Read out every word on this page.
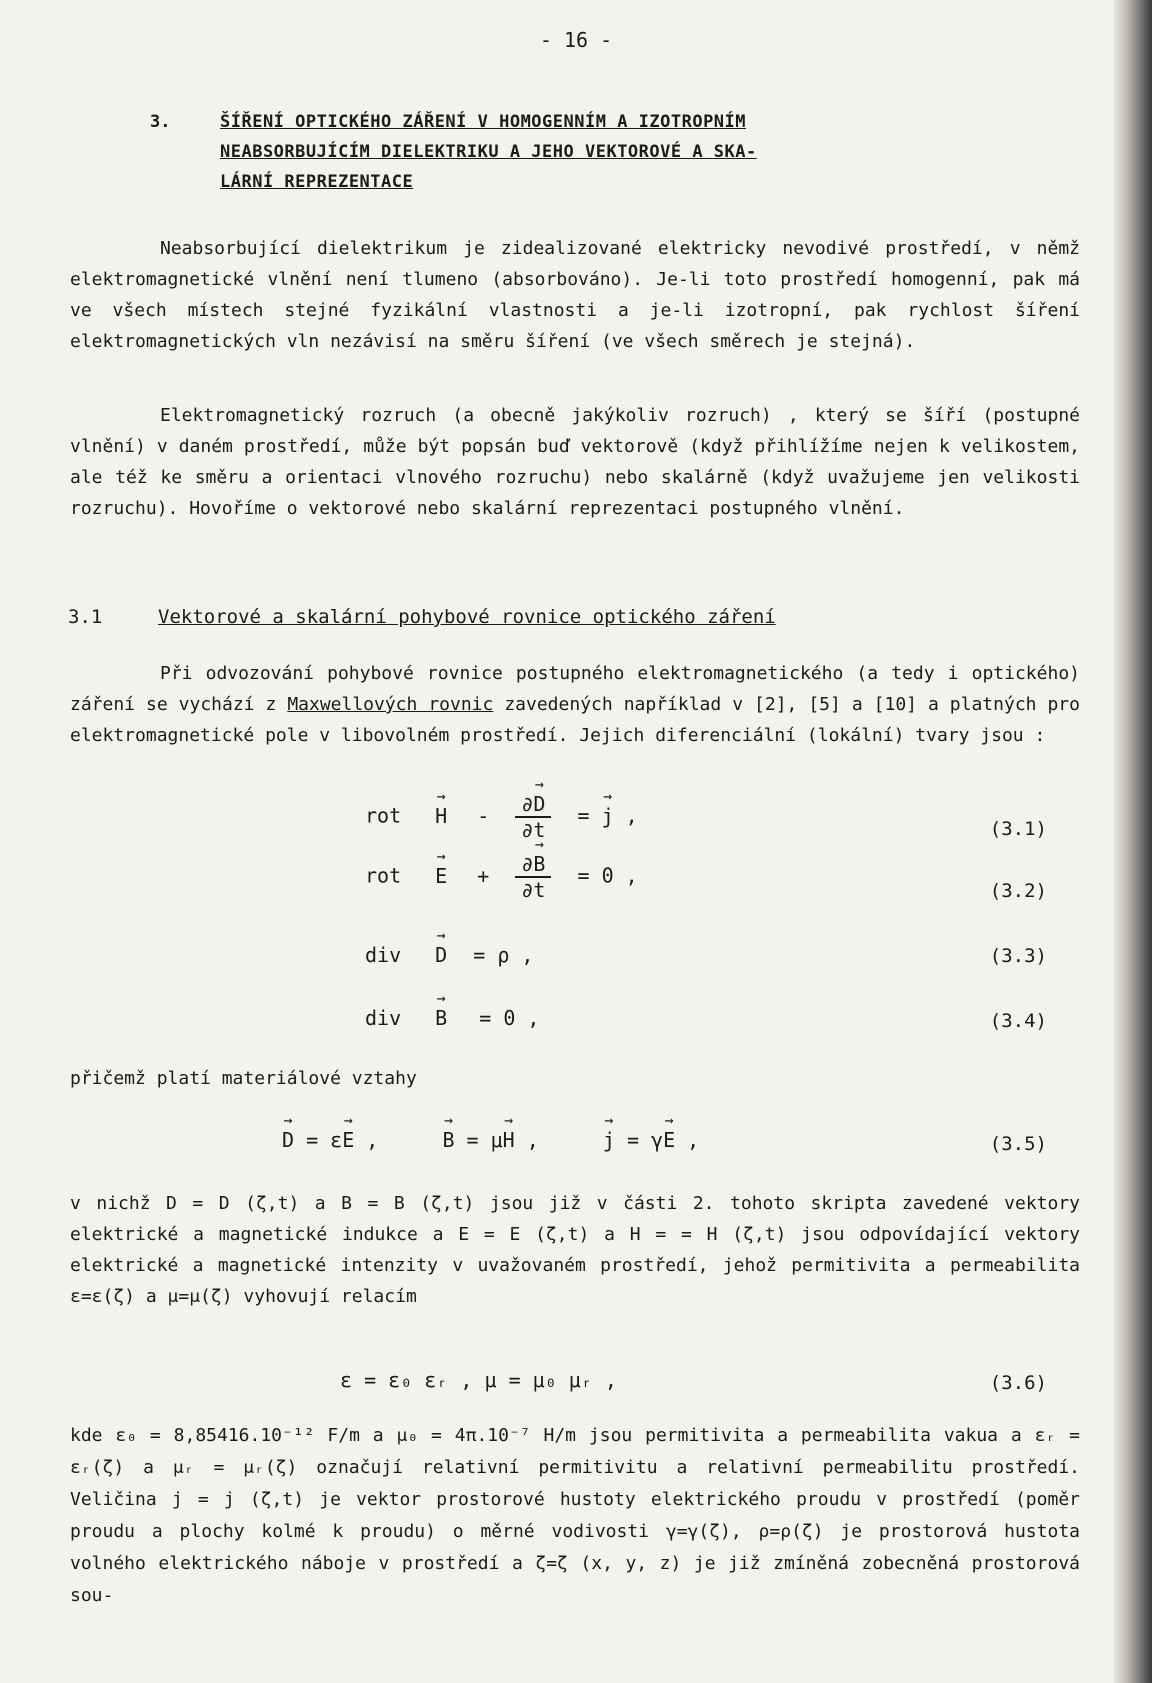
- 16 -
3.	ŠÍŘENÍ OPTICKÉHO ZÁŘENÍ V HOMOGENNÍM A IZOTROPNÍM
NEABSORBUJÍCÍM DIELEKTRIKU A JEHO VEKTOROVÉ A SKA-
LÁRNÍ REPREZENTACE
Neabsorbující dielektrikum je zidealizované elektricky nevodivé prostředí, v němž elektromagnetické vlnění není tlumeno (absorbováno). Je-li toto prostředí homogenní, pak má ve všech místech stejné fyzikální vlastnosti a je-li izotropní, pak rychlost šíření elektromagnetických vln nezávisí na směru šíření (ve všech směrech je stejná).
Elektromagnetický rozruch (a obecně jakýkoliv rozruch) , který se šíří (postupné vlnění) v daném prostředí, může být popsán buď vektorově (když přihlížíme nejen k velikostem, ale též ke směru a orientaci vlnového rozruchu) nebo skalárně (když uvažujeme jen velikosti rozruchu). Hovoříme o vektorové nebo skalární reprezentaci postupného vlnění.
3.1	Vektorové a skalární pohybové rovnice optického záření
Při odvozování pohybové rovnice postupného elektromagnetického (a tedy i optického) záření se vychází z Maxwellových rovnic zavedených například v [2], [5] a [10] a platných pro elektromagnetické pole v libovolném prostředí. Jejich diferenciální (lokální) tvary jsou :
rot → H - $\frac{\partial\to D}{\partial t}$ = → j ,
(3.1)
rot → $E + \frac{\partial\to B}{\partial t} = 0$ ,
(3.2)
div → D = ρ ,	(3.3)
div → B = 0 ,	(3.4)
přičemž platí materiálové vztahy
→ D = ε→ E ,	→ B = μ→ H ,	→ j = γ→ E ,	(3.5)
v nichž D = D (ζ,t) a B = B (ζ,t) jsou již v části 2. tohoto skripta zavedené vektory elektrické a magnetické indukce a E = E (ζ,t) a H = = H (ζ,t) jsou odpovídající vektory elektrické a magnetické intenzity v uvažovaném prostředí, jehož permitivita a permeabilita ε=ε(ζ) a μ=μ(ζ) vyhovují relacím
ε = ε₀ εᵣ , μ = μ₀ μᵣ ,	(3.6)
kde ε₀ = 8,85416.10⁻¹² F/m a μ₀ = 4π.10⁻⁷ H/m jsou permitivita a permeabilita vakua a εᵣ = εᵣ(ζ) a μᵣ = μᵣ(ζ) označují relativní permitivitu a relativní permeabilitu prostředí. Veličina j = j (ζ,t) je vektor prostorové hustoty elektrického proudu v prostředí (poměr proudu a plochy kolmé k proudu) o měrné vodivosti γ=γ(ζ), ρ=ρ(ζ) je prostorová hustota volného elektrického náboje v prostředí a ζ=ζ (x, y, z) je již zmíněná zobecněná prostorová sou-
